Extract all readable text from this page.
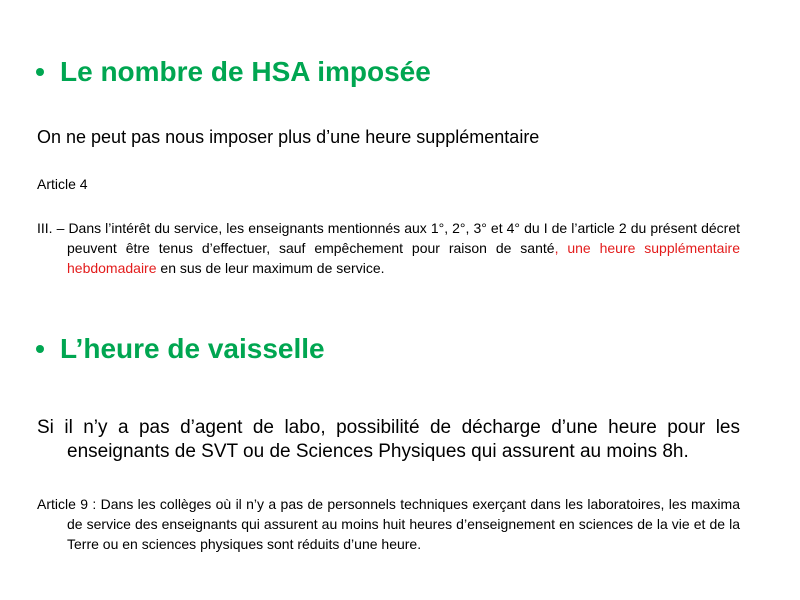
Le nombre de HSA imposée
On ne peut pas nous imposer plus d’une heure supplémentaire
Article 4
III. – Dans l’intérêt du service, les enseignants mentionnés aux 1°, 2°, 3° et 4° du I de l’article 2 du présent décret peuvent être tenus d’effectuer, sauf empêchement pour raison de santé, une heure supplémentaire hebdomadaire en sus de leur maximum de service.
L’heure de vaisselle
Si il n’y a pas d’agent de labo, possibilité de décharge d’une heure pour les enseignants de SVT ou de Sciences Physiques qui assurent au moins 8h.
Article 9 : Dans les collèges où il n’y a pas de personnels techniques exerçant dans les laboratoires, les maxima de service des enseignants qui assurent au moins huit heures d’enseignement en sciences de la vie et de la Terre ou en sciences physiques sont réduits d’une heure.
